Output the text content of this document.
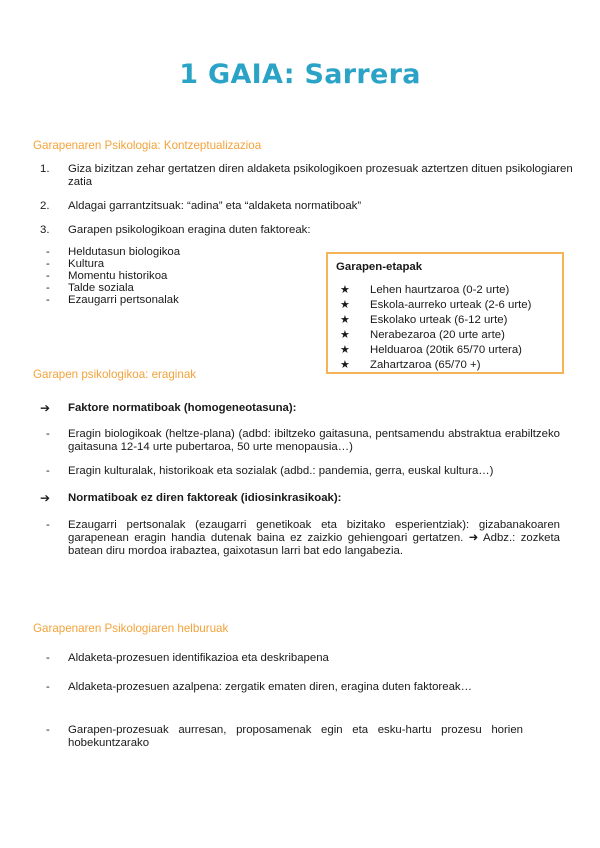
1 GAIA: Sarrera
Garapenaren Psikologia: Kontzeptualizazioa
1.	Giza bizitzan zehar gertatzen diren aldaketa psikologikoen prozesuak aztertzen dituen psikologiaren zatia
2.	Aldagai garrantzitsuak: “adina” eta “aldaketa normatiboak”
3.	Garapen psikologikoan eragina duten faktoreak:
-	Heldutasun biologikoa
-	Kultura
-	Momentu historikoa
-	Talde soziala
-	Ezaugarri pertsonalak
Garapen-etapak
★	Lehen haurtzaroa (0-2 urte)
★	Eskola-aurreko urteak (2-6 urte)
★	Eskolako urteak (6-12 urte)
★	Nerabezaroa (20 urte arte)
★	Helduaroa (20tik 65/70 urtera)
★	Zahartzaroa (65/70 +)
Garapen psikologikoa: eraginak
➔ Faktore normatiboak (homogeneotasuna):
-	Eragin biologikoak (heltze-plana) (adbd: ibiltzeko gaitasuna, pentsamendu abstraktua erabiltzeko gaitasuna 12-14 urte pubertaroa, 50 urte menopausia…)
-	Eragin kulturalak, historikoak eta sozialak (adbd.: pandemia, gerra, euskal kultura…)
➔ Normatiboak ez diren faktoreak (idiosinkrasikoak):
-	Ezaugarri pertsonalak (ezaugarri genetikoak eta bizitako esperientziak): gizabanakoaren garapenean eragin handia dutenak baina ez zaizkio gehiengoari gertatzen. ➜ Adbz.: zozketa batean diru mordoa irabaztea, gaixotasun larri bat edo langabezia.
Garapenaren Psikologiaren helburuak
-	Aldaketa-prozesuen identifikazioa eta deskribapena
-	Aldaketa-prozesuen azalpena: zergatik ematen diren, eragina duten faktoreak…
-	Garapen-prozesuak aurresan, proposamenak egin eta esku-hartu prozesu horien hobekuntzarako
